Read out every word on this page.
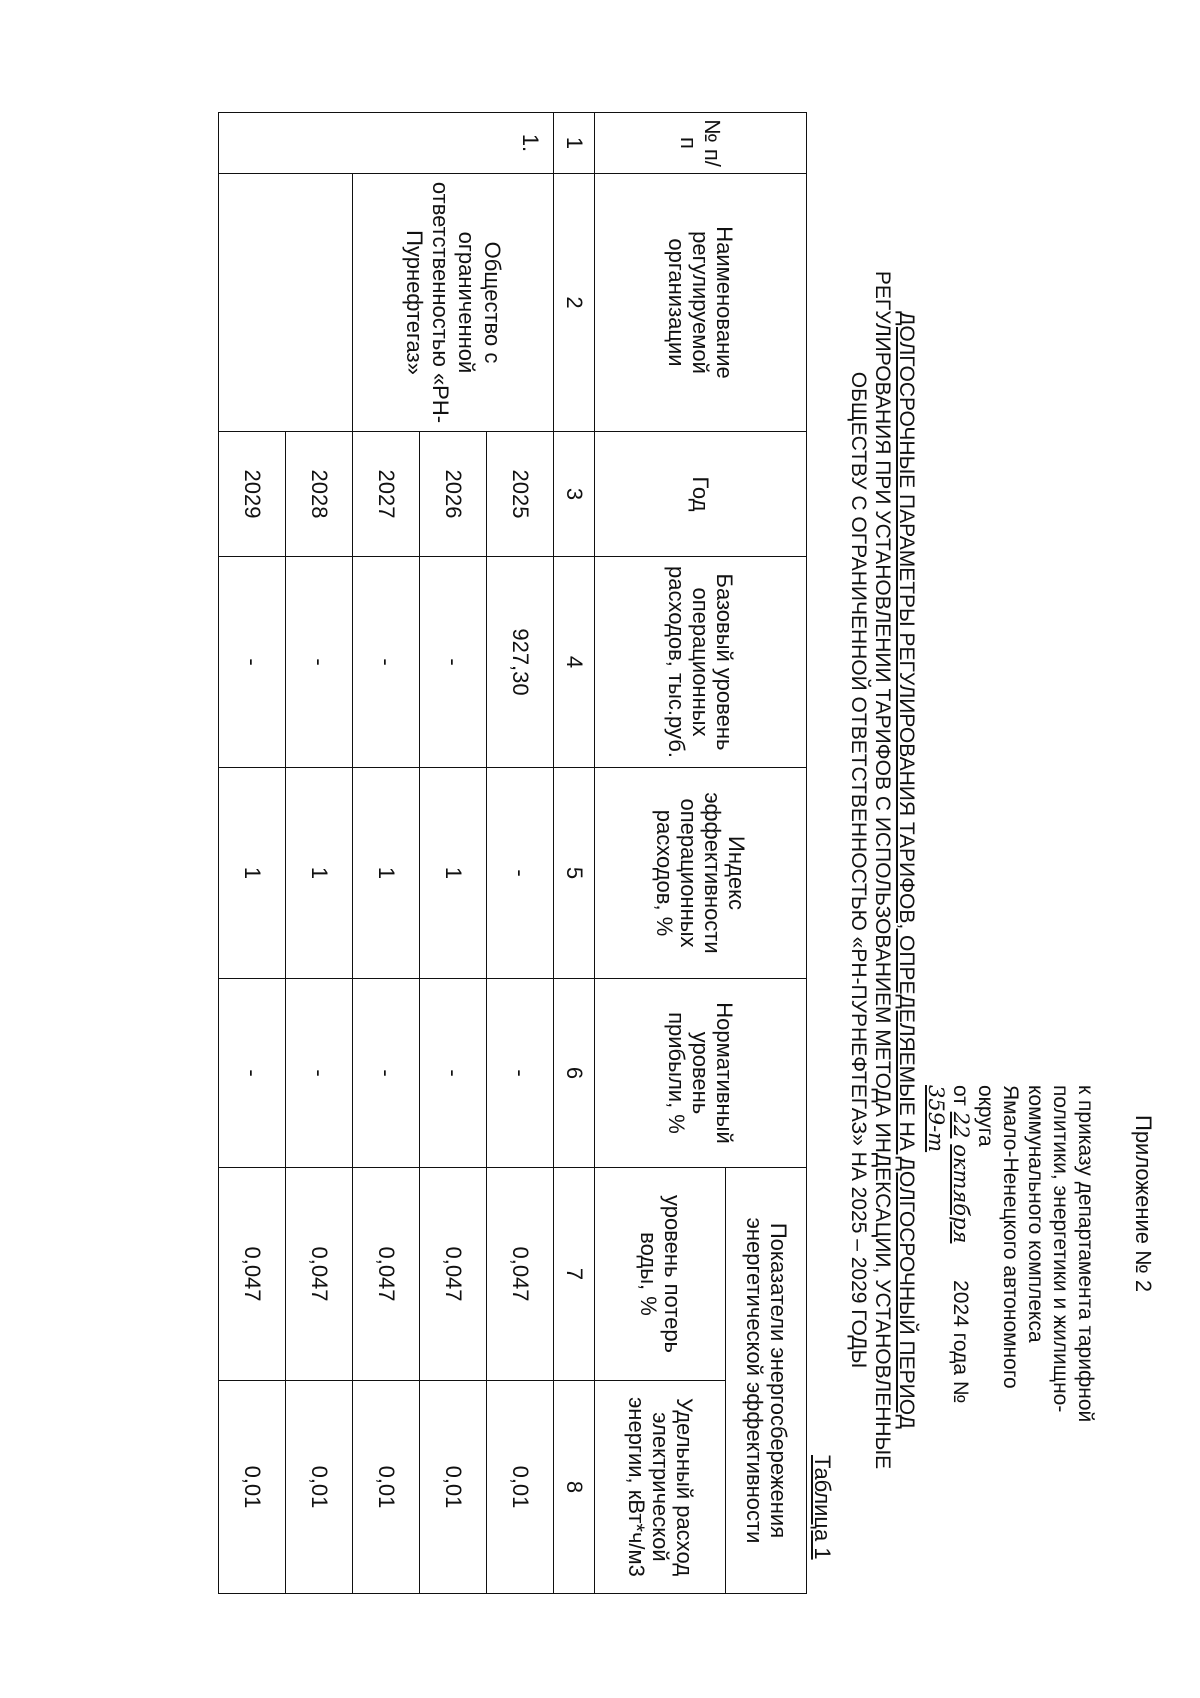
Приложение № 2
к приказу департамента тарифной
политики, энергетики и жилищно-
коммунального комплекса
Ямало-Ненецкого автономного округа
от 22 октября 2024 года № 359-т
ДОЛГОСРОЧНЫЕ ПАРАМЕТРЫ РЕГУЛИРОВАНИЯ ТАРИФОВ, ОПРЕДЕЛЯЕМЫЕ НА ДОЛГОСРОЧНЫЙ ПЕРИОД
РЕГУЛИРОВАНИЯ ПРИ УСТАНОВЛЕНИИ ТАРИФОВ С ИСПОЛЬЗОВАНИЕМ МЕТОДА ИНДЕКСАЦИИ, УСТАНОВЛЕННЫЕ
ОБЩЕСТВУ С ОГРАНИЧЕННОЙ ОТВЕТСТВЕННОСТЬЮ «РН-ПУРНЕФТЕГАЗ» НА 2025 – 2029 ГОДЫ
Таблица 1
№ п/п	Наименование регулируемой организации	Год	Базовый уровень операционных расходов, тыс.руб.	Индекс эффективности операционных расходов, %	Нормативный уровень прибыли, %	Показатели энергосбережения энергетической эффективности	
						уровень потерь воды, %	Удельный расход электрической энергии, кВт*ч/м3
1	2	3	4	5	6	7	8
1.	Общество с ограниченной ответственностью «РН-Пурнефтегаз»	2025	927,30	-	-	0,047	0,01
		2026	-	1	-	0,047	0,01
		2027	-	1	-	0,047	0,01
		2028	-	1	-	0,047	0,01
		2029	-	1	-	0,047	0,01
